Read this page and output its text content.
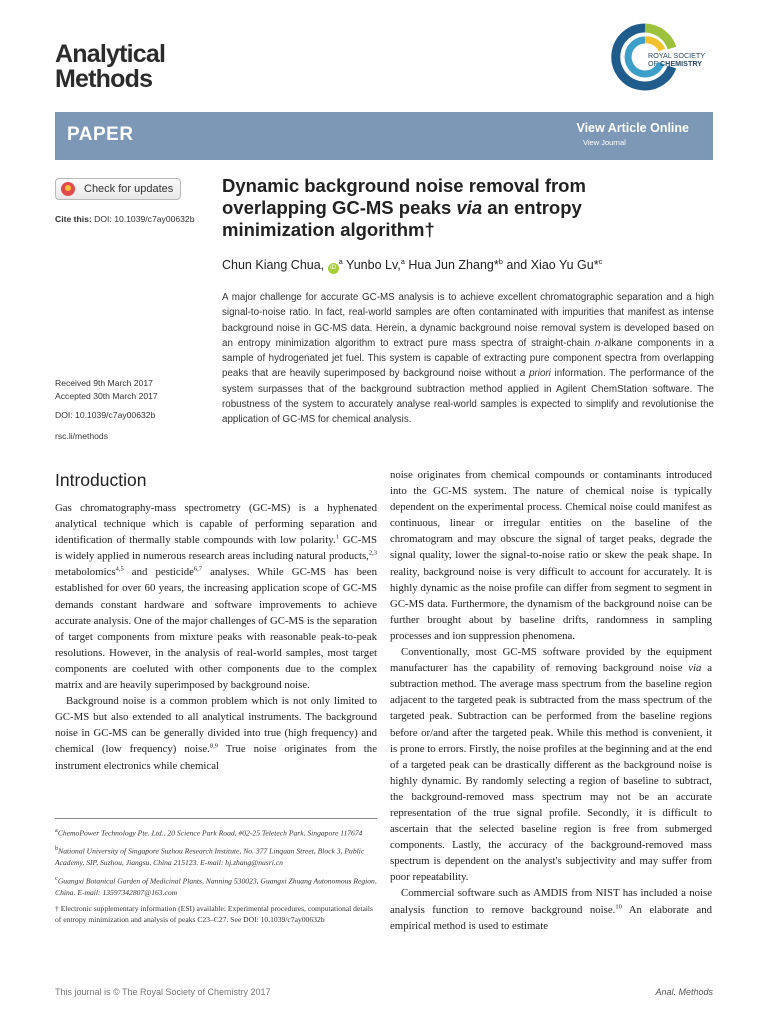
Analytical
Methods
ROYAL SOCIETY
OF CHEMISTRY
PAPER	View Article Online
View Journal
Check for updates
Cite this: DOI: 10.1039/c7ay00632b
Received 9th March 2017
Accepted 30th March 2017
DOI: 10.1039/c7ay00632b
rsc.li/methods
Dynamic background noise removal from
overlapping GC-MS peaks via an entropy
minimization algorithm†
Chun Kiang Chua, $iD^a$ Yunbo Lv,$^a$ Hua Jun Zhang*$^b$ and Xiao Yu Gu*$^c$

A major challenge for accurate GC-MS analysis is to achieve excellent chromatographic separation and a high signal-to-noise ratio. In fact, real-world samples are often contaminated with impurities that manifest as intense background noise in GC-MS data. Herein, a dynamic background noise removal system is developed based on an entropy minimization algorithm to extract pure mass spectra of straight-chain n-alkane components in a sample of hydrogenated jet fuel. This system is capable of extracting pure component spectra from overlapping peaks that are heavily superimposed by background noise without a priori information. The performance of the system surpasses that of the background subtraction method applied in Agilent ChemStation software. The robustness of the system to accurately analyse real-world samples is expected to simplify and revolutionise the application of GC-MS for chemical analysis.

Introduction

Gas chromatography-mass spectrometry (GC-MS) is a hyphenated analytical technique which is capable of performing separation and identification of thermally stable compounds with low polarity.$^1$ GC-MS is widely applied in numerous research areas including natural products,$^{2,3}$ metabolomics$^{4,5}$ and pesticide$^{6,7}$ analyses. While GC-MS has been established for over 60 years, the increasing application scope of GC-MS demands constant hardware and software improvements to achieve accurate analysis. One of the major challenges of GC-MS is the separation of target components from mixture peaks with reasonable peak-to-peak resolutions. However, in the analysis of real-world samples, most target components are coeluted with other components due to the complex matrix and are heavily superimposed by background noise.

Background noise is a common problem which is not only limited to GC-MS but also extended to all analytical instruments. The background noise in GC-MS can be generally divided into true (high frequency) and chemical (low frequency) noise.$^{8,9}$ True noise originates from the instrument electronics while chemical

noise originates from chemical compounds or contaminants introduced into the GC-MS system. The nature of chemical noise is typically dependent on the experimental process. Chemical noise could manifest as continuous, linear or irregular entities on the baseline of the chromatogram and may obscure the signal of target peaks, degrade the signal quality, lower the signal-to-noise ratio or skew the peak shape. In reality, background noise is very difficult to account for accurately. It is highly dynamic as the noise profile can differ from segment to segment in GC-MS data. Furthermore, the dynamism of the background noise can be further brought about by baseline drifts, randomness in sampling processes and ion suppression phenomena.

Conventionally, most GC-MS software provided by the equipment manufacturer has the capability of removing background noise via a subtraction method. The average mass spectrum from the baseline region adjacent to the targeted peak is subtracted from the mass spectrum of the targeted peak. Subtraction can be performed from the baseline regions before or/and after the targeted peak. While this method is convenient, it is prone to errors. Firstly, the noise profiles at the beginning and at the end of a targeted peak can be drastically different as the background noise is highly dynamic. By randomly selecting a region of baseline to subtract, the background-removed mass spectrum may not be an accurate representation of the true signal profile. Secondly, it is difficult to ascertain that the selected baseline region is free from submerged components. Lastly, the accuracy of the background-removed mass spectrum is dependent on the analyst's subjectivity and may suffer from poor repeatability.

Commercial software such as AMDIS from NIST has included a noise analysis function to remove background noise.$^{10}$ An elaborate and empirical method is used to estimate

$^a$ChemoPower Technology Pte. Ltd., 20 Science Park Road, #02-25 Teletech Park, Singapore 117674

$^b$National University of Singapore Suzhou Research Institute, No. 377 Linquan Street, Block 3, Public Academy, SIP, Suzhou, Jiangsu, China 215123. E-mail: hj.zhang@nusri.cn

$^c$Guangxi Botanical Garden of Medicinal Plants, Nanning 530023, Guangxi Zhuang Autonomous Region, China. E-mail: 13597342807@163.com

† Electronic supplementary information (ESI) available: Experimental procedures, computational details of entropy minimization and analysis of peaks C23–C27. See DOI: 10.1039/c7ay00632b

This journal is © The Royal Society of Chemistry 2017	Anal. Methods
